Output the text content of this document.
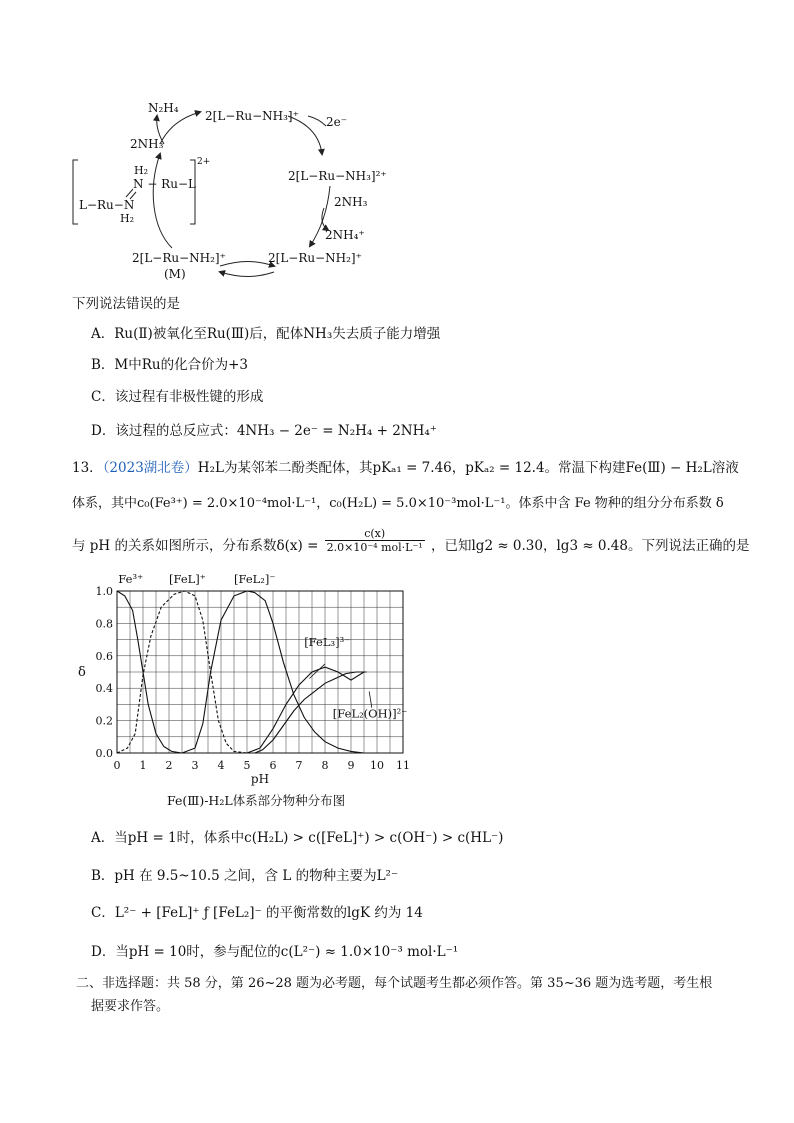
N₂H₄
2[L−Ru−NH₃]⁺ 2e⁻
2NH₃
2[L−Ru−NH₃]²⁺
2NH₃
2NH₄⁺
2[L−Ru−NH₂]⁺
2[L−Ru−NH₂]⁺
(M)
2+
H₂
N − Ru−L
L−Ru−N
H₂
下列说法错误的是
A．Ru(Ⅱ)被氧化至Ru(Ⅲ)后，配体NH₃失去质子能力增强
B．M中Ru的化合价为+3
C．该过程有非极性键的形成
D．该过程的总反应式：4NH₃ − 2e⁻ = N₂H₄ + 2NH₄⁺
13．（2023湖北卷）H₂L为某邻苯二酚类配体，其pKₐ₁ = 7.46，pKₐ₂ = 12.4。常温下构建Fe(Ⅲ) − H₂L溶液
体系，其中c₀(Fe³⁺) = 2.0×10⁻⁴mol·L⁻¹，c₀(H₂L) = 5.0×10⁻³mol·L⁻¹。体系中含 Fe 物种的组分分布系数 δ
与 pH 的关系如图所示，分布系数δ(x) =
c(x)
2.0×10⁻⁴ mol·L⁻¹ ，已知lg2 ≈ 0.30，lg3 ≈ 0.48。下列说法正确的是
0 1 2 3 4 5 6 7 8 9 10 11
0.0
0.2
0.4
0.6
0.8
1.0
pH
δ
Fe³⁺ [FeL]⁺ [FeL₂]⁻
[FeL₃]³⁻
[FeL₂(OH)]²⁻
Fe(Ⅲ)-H₂L体系部分物种分布图
A．当pH = 1时，体系中c(H₂L) > c([FeL]⁺) > c(OH⁻) > c(HL⁻)
B．pH 在 9.5~10.5 之间，含 L 的物种主要为L²⁻
C．L²⁻ + [FeL]⁺ ƒ [FeL₂]⁻ 的平衡常数的lgK 约为 14
D．当pH = 10时，参与配位的c(L²⁻) ≈ 1.0×10⁻³ mol·L⁻¹
二、非选择题：共 58 分，第 26~28 题为必考题，每个试题考生都必须作答。第 35~36 题为选考题，考生根
据要求作答。
